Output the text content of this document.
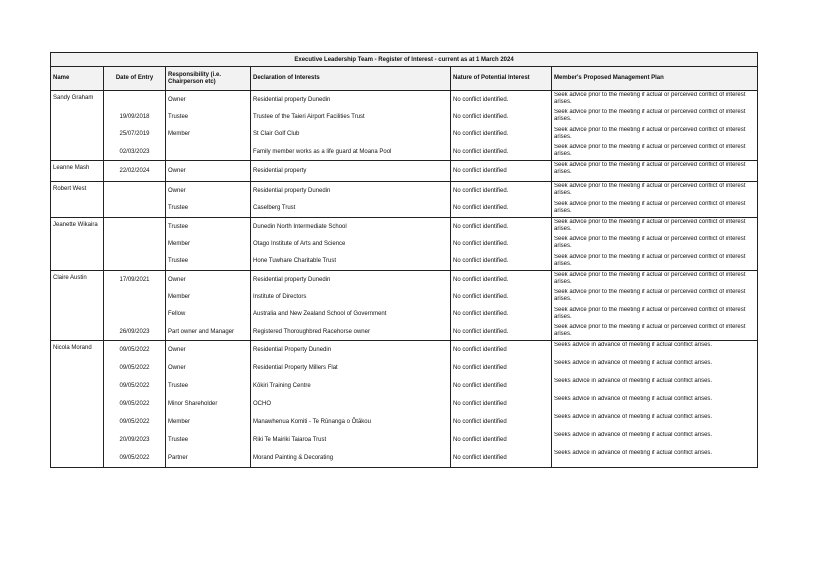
Executive Leadership Team - Register of Interest - current as at 1 March 2024					
Name	Date of Entry	Responsibility (i.e. Chairperson etc)	Declaration of Interests	Nature of Potential Interest	Member's Proposed Management Plan
Sandy Graham		Owner	Residential property Dunedin	No conflict identified.	Seek advice prior to the meeting if actual or perceived conflict of interest arises.

	19/09/2018	Trustee	Trustee of the Taieri Airport Facilities Trust	No conflict identified.	Seek advice prior to the meeting if actual or perceived conflict of interest arises.

	25/07/2019	Member	St Clair Golf Club	No conflict identified.	Seek advice prior to the meeting if actual or perceived conflict of interest arises.

	02/03/2023		Family member works as a life guard at Moana Pool	No conflict identified.	Seek advice prior to the meeting if actual or perceived conflict of interest arises.

Leanne Mash	22/02/2024	Owner	Residential property	No conflict identified	Seek advice prior to the meeting if actual or perceived conflict of interest arises.

Robert West		Owner	Residential property Dunedin	No conflict identified.	Seek advice prior to the meeting if actual or perceived conflict of interest arises.

		Trustee	Caselberg Trust	No conflict identified.	Seek advice prior to the meeting if actual or perceived conflict of interest arises.

Jeanette Wikaira		Trustee	Dunedin North Intermediate School	No conflict identified.	Seek advice prior to the meeting if actual or perceived conflict of interest arises.

		Member	Otago Institute of Arts and Science	No conflict identified.	Seek advice prior to the meeting if actual or perceived conflict of interest arises.

		Trustee	Hone Tuwhare Charitable Trust	No conflict identified.	Seek advice prior to the meeting if actual or perceived conflict of interest arises.

Claire Austin	17/09/2021	Owner	Residential property Dunedin	No conflict identified.	Seek advice prior to the meeting if actual or perceived conflict of interest arises.

		Member	Institute of Directors	No conflict identified.	Seek advice prior to the meeting if actual or perceived conflict of interest arises.

		Fellow	Australia and New Zealand School of Government	No conflict identified.	Seek advice prior to the meeting if actual or perceived conflict of interest arises.

	26/09/2023	Part owner and Manager	Registered Thoroughbred Racehorse owner	No conflict identified.	Seek advice prior to the meeting if actual or perceived conflict of interest arises.

Nicola Morand	09/05/2022	Owner	Residential Property Dunedin	No conflict identified	Seeks advice in advance of meeting if actual conflict arises.

	09/05/2022	Owner	Residential Property Millers Flat	No conflict identified	Seeks advice in advance of meeting if actual conflict arises.

	09/05/2022	Trustee	Kōkiri Training Centre	No conflict identified	Seeks advice in advance of meeting if actual conflict arises.

	09/05/2022	Minor Shareholder	OCHO	No conflict identified	Seeks advice in advance of meeting if actual conflict arises.

	09/05/2022	Member	Manawhenua Komiti - Te Rūnanga o Ōtākou	No conflict identified	Seeks advice in advance of meeting if actual conflict arises.

	20/09/2023	Trustee	Riki Te Mairiki Taiaroa Trust	No conflict identified	Seeks advice in advance of meeting if actual conflict arises.

	09/05/2022	Partner	Morand Painting & Decorating	No conflict identified	Seeks advice in advance of meeting if actual conflict arises.
